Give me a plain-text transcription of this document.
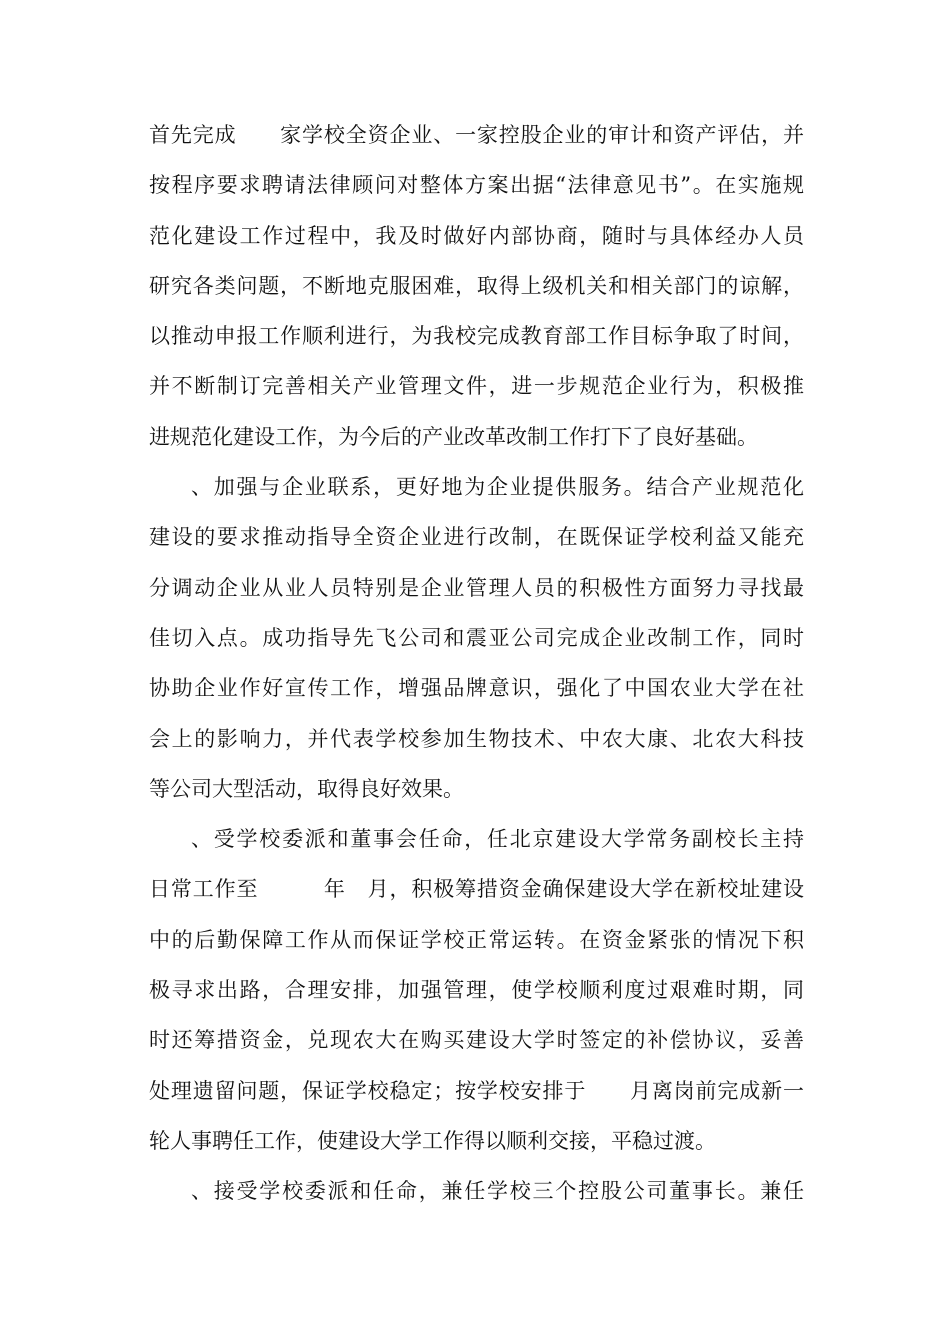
首先完成　　家学校全资企业、一家控股企业的审计和资产评估，并
按程序要求聘请法律顾问对整体方案出据“法律意见书”。在实施规
范化建设工作过程中，我及时做好内部协商，随时与具体经办人员
研究各类问题，不断地克服困难，取得上级机关和相关部门的谅解，
以推动申报工作顺利进行，为我校完成教育部工作目标争取了时间，
并不断制订完善相关产业管理文件，进一步规范企业行为，积极推
进规范化建设工作，为今后的产业改革改制工作打下了良好基础。
、加强与企业联系，更好地为企业提供服务。结合产业规范化
建设的要求推动指导全资企业进行改制，在既保证学校利益又能充
分调动企业从业人员特别是企业管理人员的积极性方面努力寻找最
佳切入点。成功指导先飞公司和震亚公司完成企业改制工作，同时
协助企业作好宣传工作，增强品牌意识，强化了中国农业大学在社
会上的影响力，并代表学校参加生物技术、中农大康、北农大科技
等公司大型活动，取得良好效果。
、受学校委派和董事会任命，任北京建设大学常务副校长主持
日常工作至　　　年　月，积极筹措资金确保建设大学在新校址建设
中的后勤保障工作从而保证学校正常运转。在资金紧张的情况下积
极寻求出路，合理安排，加强管理，使学校顺利度过艰难时期，同
时还筹措资金，兑现农大在购买建设大学时签定的补偿协议，妥善
处理遗留问题，保证学校稳定；按学校安排于　　月离岗前完成新一
轮人事聘任工作，使建设大学工作得以顺利交接，平稳过渡。
、接受学校委派和任命，兼任学校三个控股公司董事长。兼任
